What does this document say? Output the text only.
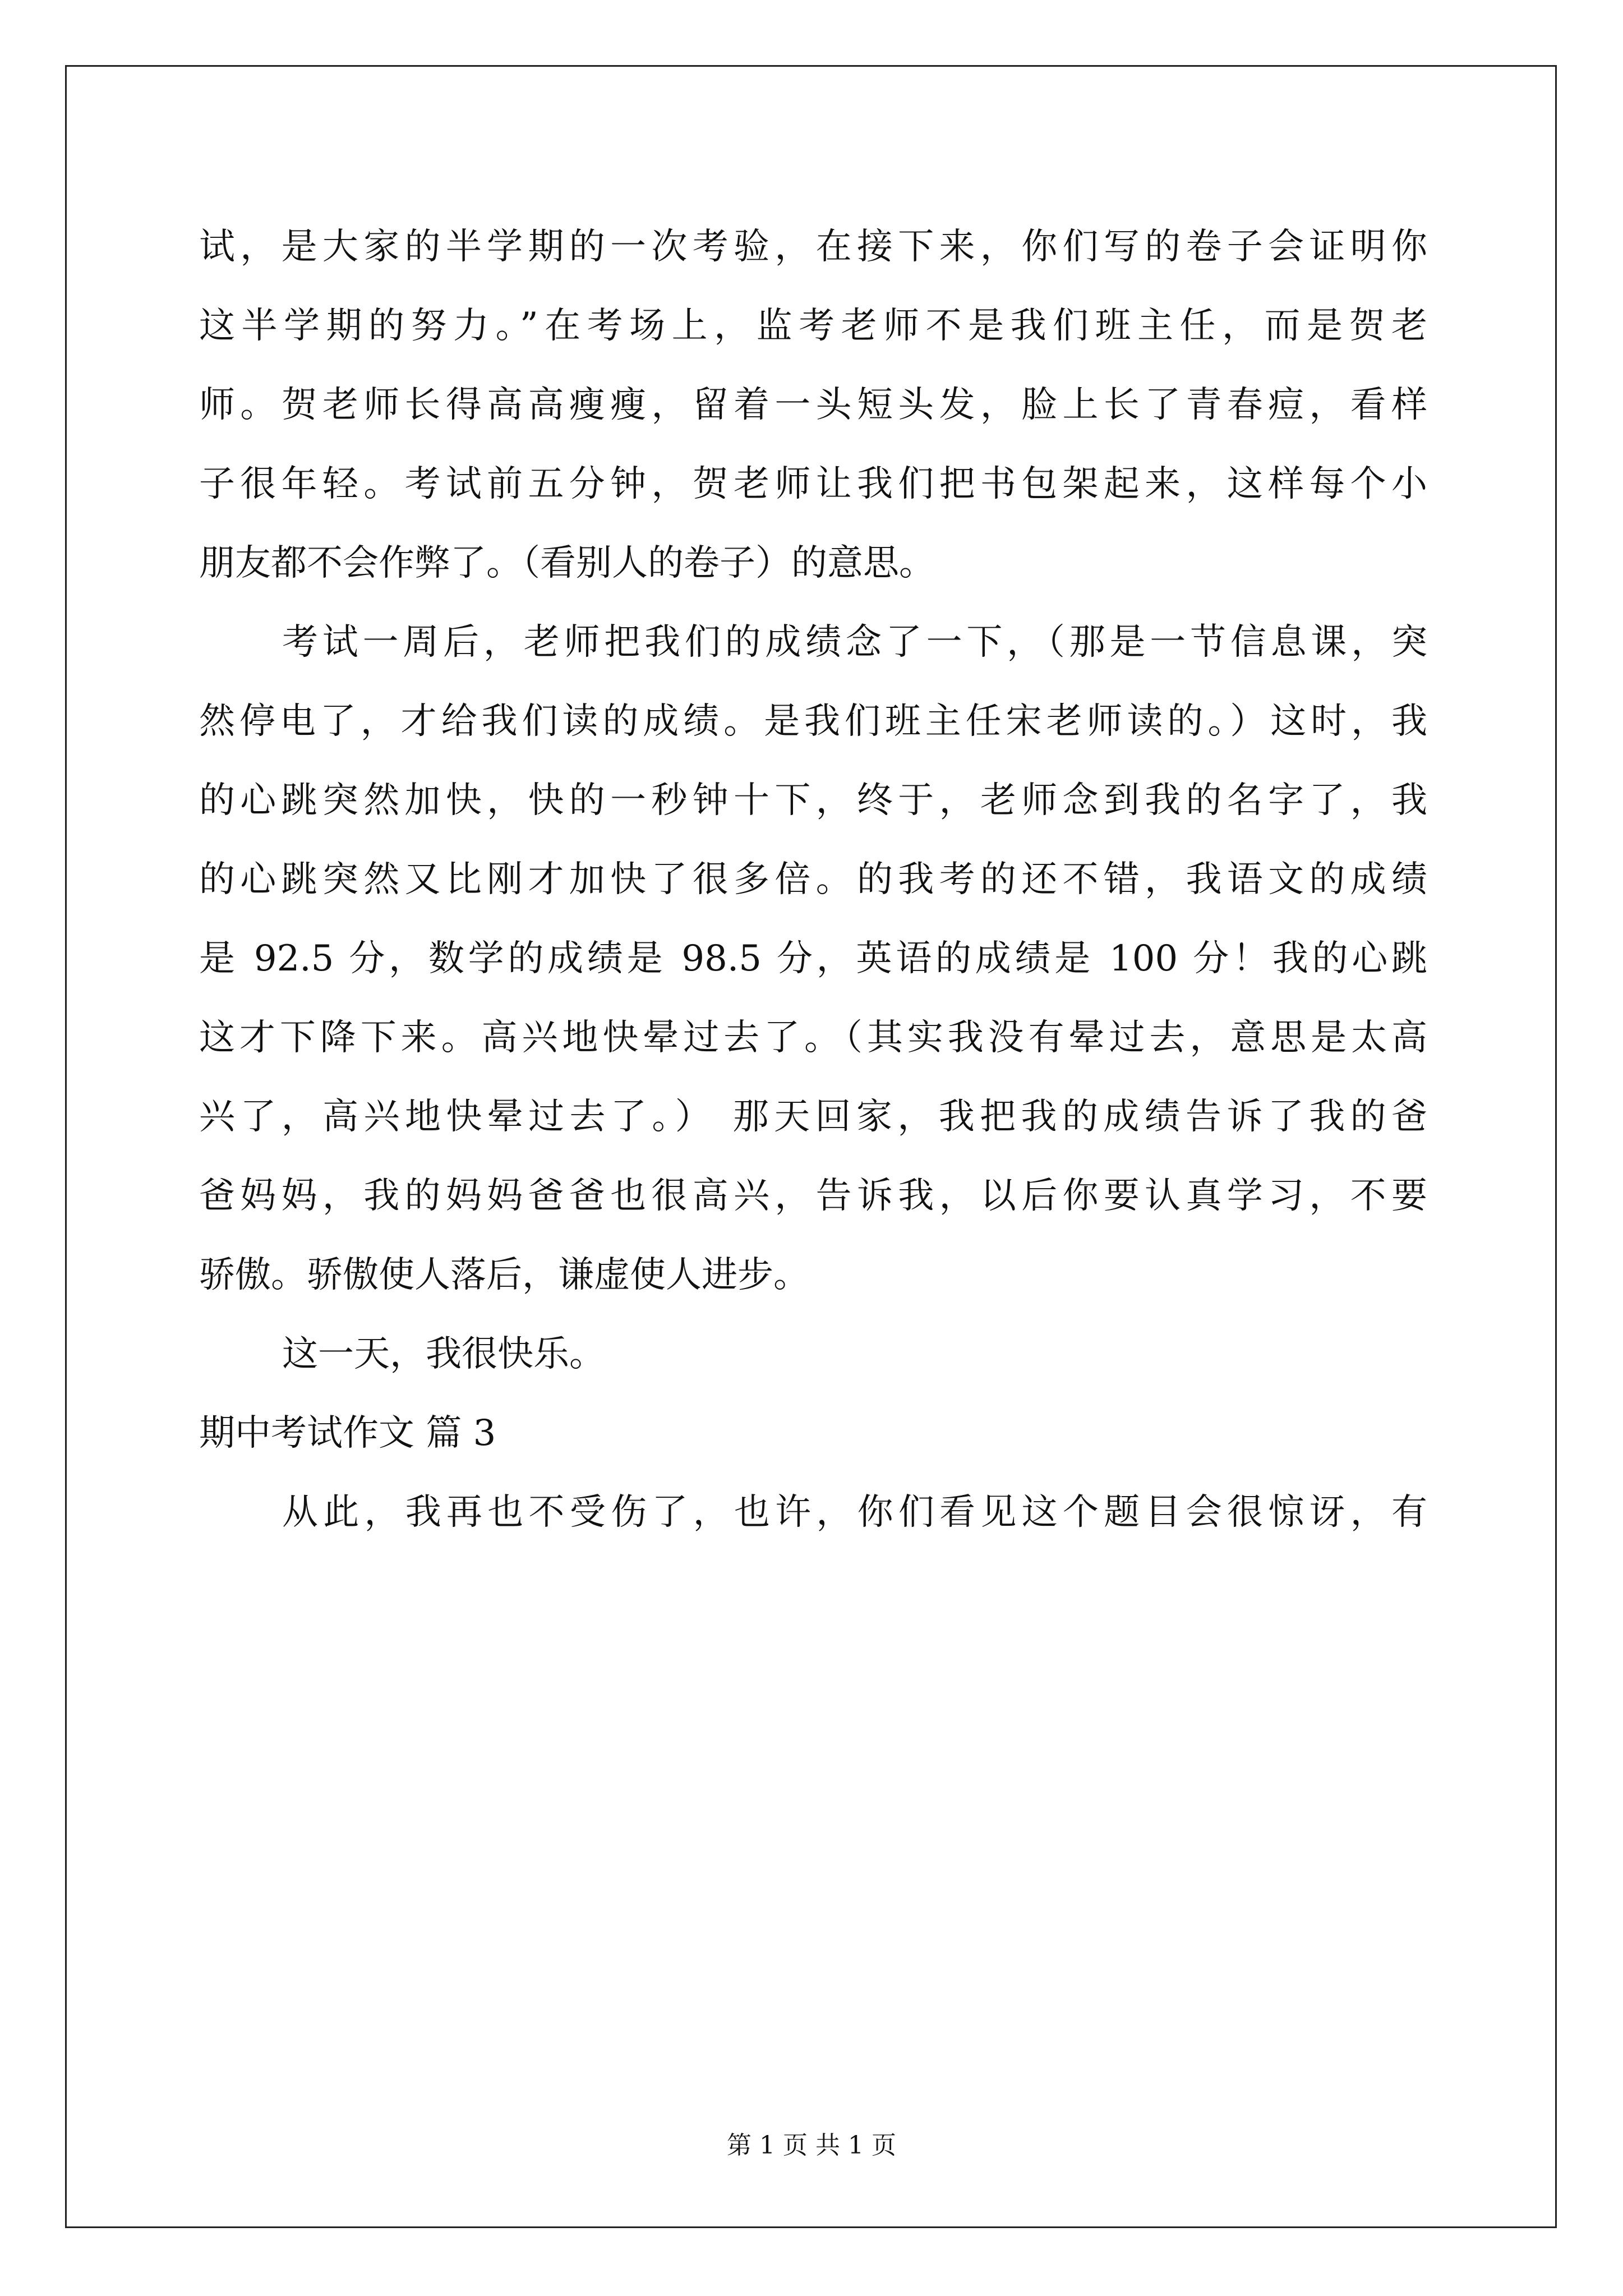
试，是大家的半学期的一次考验，在接下来，你们写的卷子会证明你
这半学期的努力。”在考场上，监考老师不是我们班主任，而是贺老
师。贺老师长得高高瘦瘦，留着一头短头发，脸上长了青春痘，看样
子很年轻。考试前五分钟，贺老师让我们把书包架起来，这样每个小
朋友都不会作弊了。（看别人的卷子）的意思。
考试一周后，老师把我们的成绩念了一下，（那是一节信息课，突
然停电了，才给我们读的成绩。是我们班主任宋老师读的。）这时，我
的心跳突然加快，快的一秒钟十下，终于，老师念到我的名字了，我
的心跳突然又比刚才加快了很多倍。的我考的还不错，我语文的成绩
是 92.5 分，数学的成绩是 98.5 分，英语的成绩是 100 分！我的心跳
这才下降下来。高兴地快晕过去了。（其实我没有晕过去，意思是太高
兴了，高兴地快晕过去了。） 那天回家，我把我的成绩告诉了我的爸
爸妈妈，我的妈妈爸爸也很高兴，告诉我，以后你要认真学习，不要
骄傲。骄傲使人落后，谦虚使人进步。
这一天，我很快乐。
期中考试作文 篇 3
从此，我再也不受伤了，也许，你们看见这个题目会很惊讶，有
第 1 页 共 1 页
